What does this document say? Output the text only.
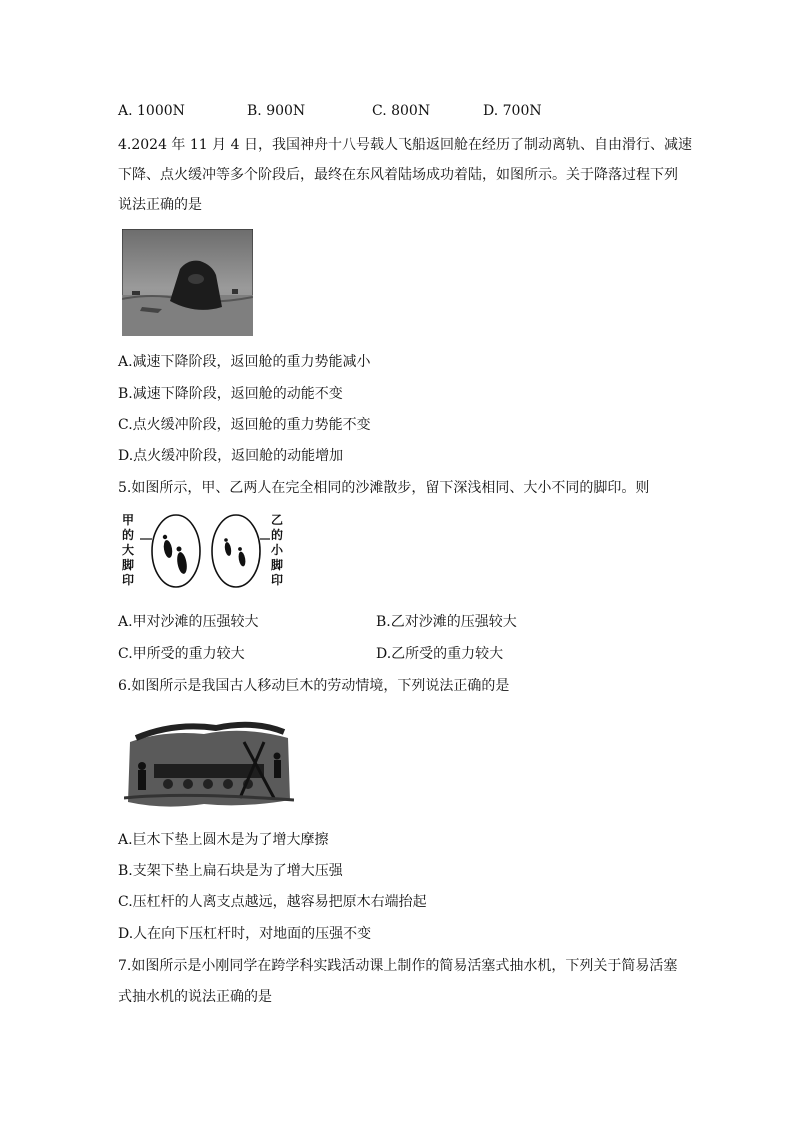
A. 1000N	B. 900N	C. 800N	D. 700N
4.2024 年 11 月 4 日，我国神舟十八号载人飞船返回舱在经历了制动离轨、自由滑行、减速
下降、点火缓冲等多个阶段后，最终在东风着陆场成功着陆，如图所示。关于降落过程下列
说法正确的是
A.减速下降阶段，返回舱的重力势能减小
B.减速下降阶段，返回舱的动能不变
C.点火缓冲阶段，返回舱的重力势能不变
D.点火缓冲阶段，返回舱的动能增加
5.如图所示，甲、乙两人在完全相同的沙滩散步，留下深浅相同、大小不同的脚印。则
甲
的
大
脚
印
乙
的
小
脚
印
A.甲对沙滩的压强较大	B.乙对沙滩的压强较大
C.甲所受的重力较大	D.乙所受的重力较大
6.如图所示是我国古人移动巨木的劳动情境，下列说法正确的是
A.巨木下垫上圆木是为了增大摩擦
B.支架下垫上扁石块是为了增大压强
C.压杠杆的人离支点越远，越容易把原木右端抬起
D.人在向下压杠杆时，对地面的压强不变
7.如图所示是小刚同学在跨学科实践活动课上制作的简易活塞式抽水机，下列关于简易活塞
式抽水机的说法正确的是
